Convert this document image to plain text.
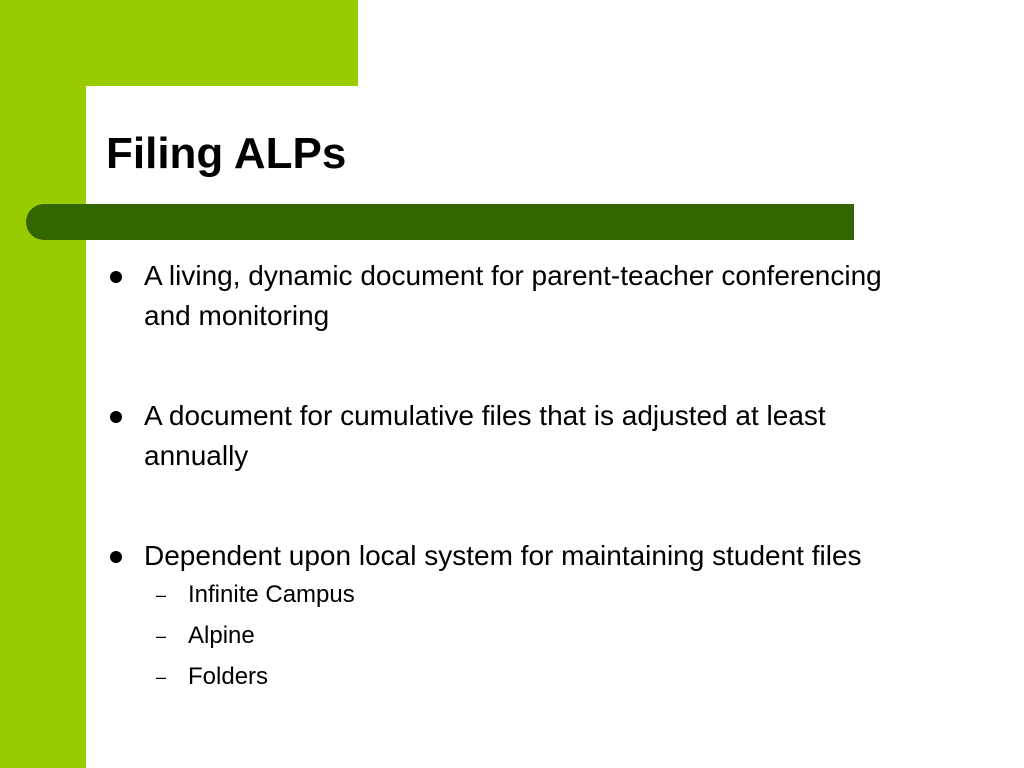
Filing ALPs
A living, dynamic document for parent-teacher conferencing and monitoring
A document for cumulative files that is adjusted at least annually
Dependent upon local system for maintaining student files
– Infinite Campus
– Alpine
– Folders
